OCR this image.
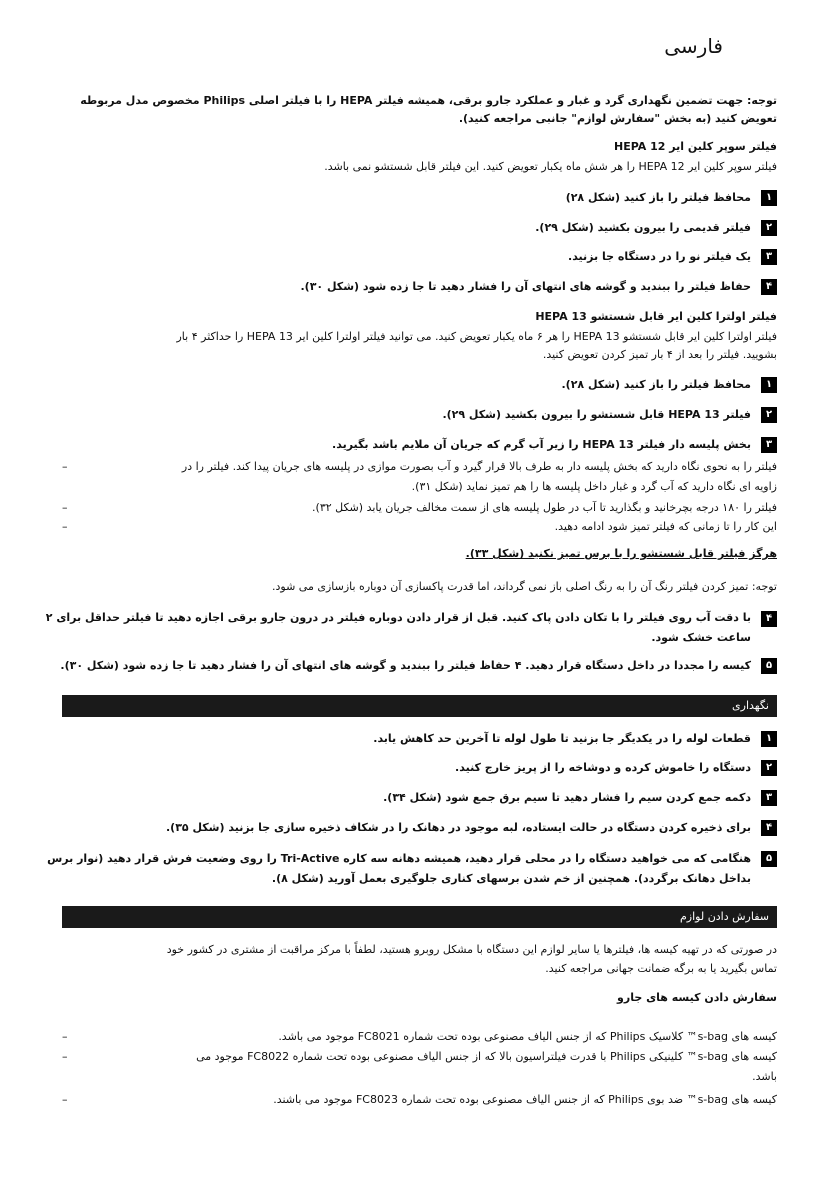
فارسی
توجه: جهت تضمین نگهداری گرد و غبار و عملکرد جارو برقی، همیشه فیلتر HEPA را با فیلتر اصلی Philips مخصوص مدل مربوطه
تعویض کنید (به بخش "سفارش لوازم" جانبی مراجعه کنید).
فیلتر سوپر کلین ایر HEPA 12
فیلتر سوپر کلین ایر HEPA 12 را هر شش ماه یکبار تعویض کنید. این فیلتر قابل شستشو نمی باشد.
۱
محافظ فیلتر را باز کنید (شکل ۲۸)
۲
فیلتر قدیمی را بیرون بکشید (شکل ۲۹).
۳
یک فیلتر نو را در دستگاه جا بزنید.
۴
حفاظ فیلتر را ببندید و گوشه های انتهای آن را فشار دهید تا جا زده شود (شکل ۳۰).
فیلتر اولترا کلین ایر قابل شستشو HEPA 13
فیلتر اولترا کلین ایر قابل شستشو HEPA 13 را هر ۶ ماه یکبار تعویض کنید. می توانید فیلتر اولترا کلین ایر HEPA 13 را حداکثر ۴ بار
بشویید. فیلتر را بعد از ۴ بار تمیز کردن تعویض کنید.
۱
محافظ فیلتر را باز کنید (شکل ۲۸).
۲
فیلتر HEPA 13 قابل شستشو را بیرون بکشید (شکل ۲۹).
۳
بخش پلیسه دار فیلتر HEPA 13 را زیر آب گرم که جریان آن ملایم باشد بگیرید.
–	فیلتر را به نحوی نگاه دارید که بخش پلیسه دار به طرف بالا قرار گیرد و آب بصورت موازی در پلیسه های جریان پیدا کند. فیلتر را در
زاویه ای نگاه دارید که آب گرد و غبار داخل پلیسه ها را هم تمیز نماید (شکل ۳۱).
–	فیلتر را ۱۸۰ درجه بچرخانید و بگذارید تا آب در طول پلیسه های از سمت مخالف جریان یابد (شکل ۳۲).
–	این کار را تا زمانی که فیلتر تمیز شود ادامه دهید.
هرگز فیلتر قابل شستشو را با برس تمیز نکنید (شکل ۳۳).
توجه: تمیز کردن فیلتر رنگ آن را به رنگ اصلی باز نمی گرداند، اما قدرت پاکسازی آن دوباره بازسازی می شود.
۴
با دقت آب روی فیلتر را با تکان دادن پاک کنید. قبل از قرار دادن دوباره فیلتر در درون جارو برقی اجازه دهید تا فیلتر حداقل برای ۲
ساعت خشک شود.
۵
کیسه را مجددا در داخل دستگاه قرار دهید. ۴ حفاظ فیلتر را ببندید و گوشه های انتهای آن را فشار دهید تا جا زده شود (شکل ۳۰).
نگهداری
۱
قطعات لوله را در یکدیگر جا بزنید تا طول لوله تا آخرین حد کاهش یابد.
۲
دستگاه را خاموش کرده و دوشاخه را از پریز خارج کنید.
۳
دکمه جمع کردن سیم را فشار دهید تا سیم برق جمع شود (شکل ۳۴).
۴
برای ذخیره کردن دستگاه در حالت ایستاده، لبه موجود در دهانک را در شکاف ذخیره سازی جا بزنید (شکل ۳۵).
۵
هنگامی که می خواهید دستگاه را در محلی قرار دهید، همیشه دهانه سه کاره Tri-Active را روی وضعیت فرش قرار دهید (نوار برس
بداخل دهانک برگردد). همچنین از خم شدن برسهای کناری جلوگیری بعمل آورید (شکل ۸).
سفارش دادن لوازم
در صورتی که در تهیه کیسه ها، فیلترها یا سایر لوازم این دستگاه با مشکل روبرو هستید، لطفاً با مرکز مراقبت از مشتری در کشور خود
تماس بگیرید یا به برگه ضمانت جهانی مراجعه کنید.
سفارش دادن کیسه های جارو
–	کیسه های s-bag™ کلاسیک Philips که از جنس الیاف مصنوعی بوده تحت شماره FC8021 موجود می باشد.
–	کیسه های s-bag™ کلینیکی Philips با قدرت فیلتراسیون بالا که از جنس الیاف مصنوعی بوده تحت شماره FC8022 موجود می
باشد.
–	کیسه های s-bag™ ضد بوی Philips که از جنس الیاف مصنوعی بوده تحت شماره FC8023 موجود می باشند.
